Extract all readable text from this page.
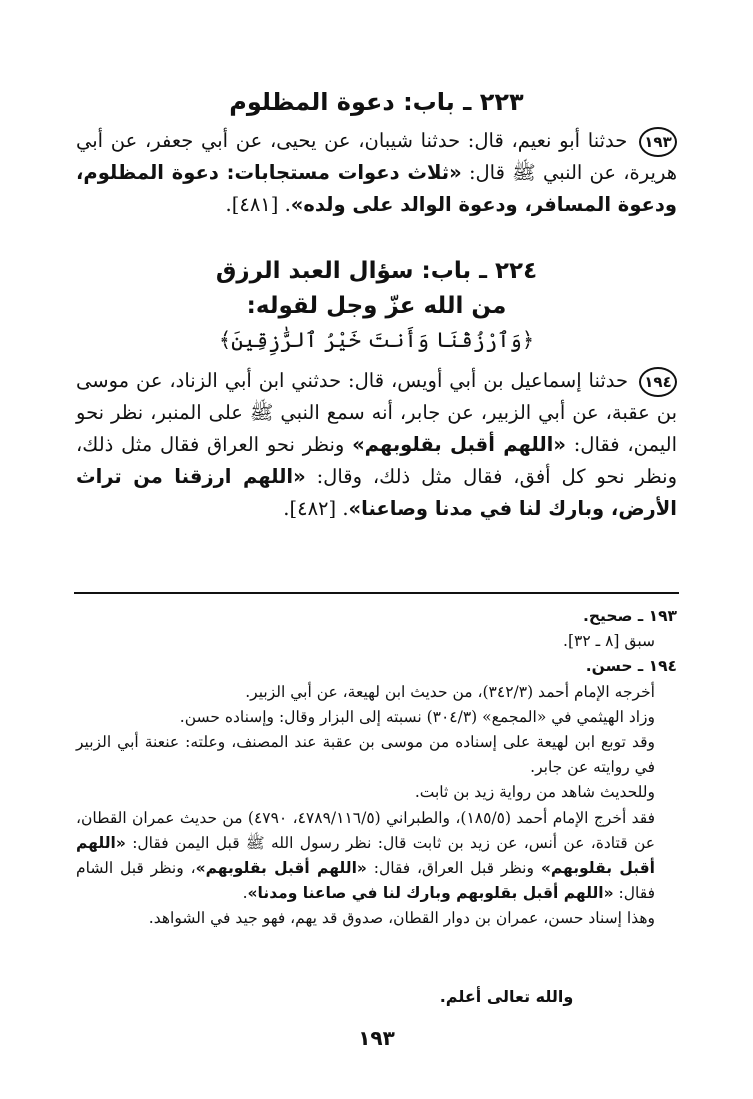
٢٢٣ ـ باب: دعوة المظلوم
١٩٣ حدثنا أبو نعيم، قال: حدثنا شيبان، عن يحيى، عن أبي جعفر، عن أبي هريرة، عن النبي ﷺ قال: «ثلاث دعوات مستجابات: دعوة المظلوم، ودعوة المسافر، ودعوة الوالد على ولده». [٤٨١].
٢٢٤ ـ باب: سؤال العبد الرزق
من الله عزّ وجل لقوله:
﴿وَٱرْزُقْنَا وَأَنتَ خَيْرُ ٱلرَّٰزِقِينَ﴾
١٩٤ حدثنا إسماعيل بن أبي أويس، قال: حدثني ابن أبي الزناد، عن موسى بن عقبة، عن أبي الزبير، عن جابر، أنه سمع النبي ﷺ على المنبر، نظر نحو اليمن، فقال: «اللهم أقبل بقلوبهم» ونظر نحو العراق فقال مثل ذلك، ونظر نحو كل أفق، فقال مثل ذلك، وقال: «اللهم ارزقنا من تراث الأرض، وبارك لنا في مدنا وصاعنا». [٤٨٢].
١٩٣ ـ صحيح.
سبق [٨ ـ ٣٢].
١٩٤ ـ حسن.
أخرجه الإمام أحمد (٣٤٢/٣)، من حديث ابن لهيعة، عن أبي الزبير.
وزاد الهيثمي في «المجمع» (٣٠٤/٣) نسبته إلى البزار وقال: وإسناده حسن.
وقد توبع ابن لهيعة على إسناده من موسى بن عقبة عند المصنف، وعلته: عنعنة أبي الزبير في روايته عن جابر.
وللحديث شاهد من رواية زيد بن ثابت.
فقد أخرج الإمام أحمد (١٨٥/٥)، والطبراني (٤٧٨٩/١١٦/٥، ٤٧٩٠) من حديث عمران القطان، عن قتادة، عن أنس، عن زيد بن ثابت قال: نظر رسول الله ﷺ قبل اليمن فقال: «اللهم أقبل بقلوبهم» ونظر قبل العراق، فقال: «اللهم أقبل بقلوبهم»، ونظر قبل الشام فقال: «اللهم أقبل بقلوبهم وبارك لنا في صاعنا ومدنا».
وهذا إسناد حسن، عمران بن دوار القطان، صدوق قد يهم، فهو جيد في الشواهد.
والله تعالى أعلم.
١٩٣
